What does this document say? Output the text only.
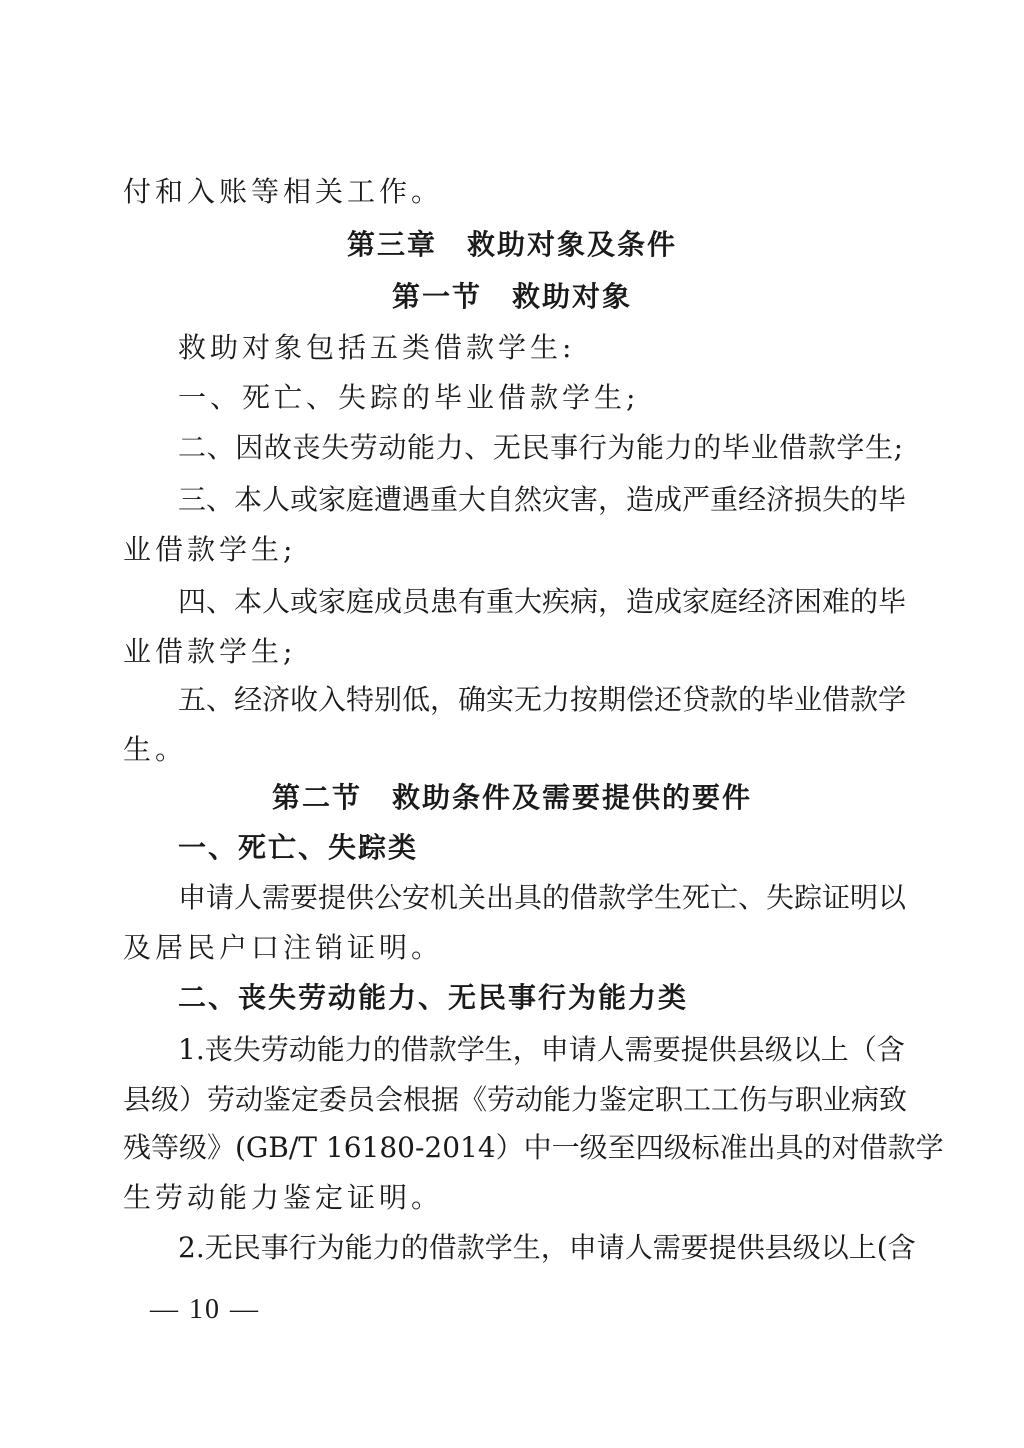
付和入账等相关工作。
第三章　救助对象及条件
第一节　救助对象
救助对象包括五类借款学生:
一、死亡、失踪的毕业借款学生;
二、因故丧失劳动能力、无民事行为能力的毕业借款学生;
三、本人或家庭遭遇重大自然灾害，造成严重经济损失的毕
业借款学生;
四、本人或家庭成员患有重大疾病，造成家庭经济困难的毕
业借款学生;
五、经济收入特别低，确实无力按期偿还贷款的毕业借款学
生。
第二节　救助条件及需要提供的要件
一、死亡、失踪类
申请人需要提供公安机关出具的借款学生死亡、失踪证明以
及居民户口注销证明。
二、丧失劳动能力、无民事行为能力类
1.丧失劳动能力的借款学生，申请人需要提供县级以上（含
县级）劳动鉴定委员会根据《劳动能力鉴定职工工伤与职业病致
残等级》(GB/T 16180-2014）中一级至四级标准出具的对借款学
生劳动能力鉴定证明。
2.无民事行为能力的借款学生，申请人需要提供县级以上(含
— 10 —
